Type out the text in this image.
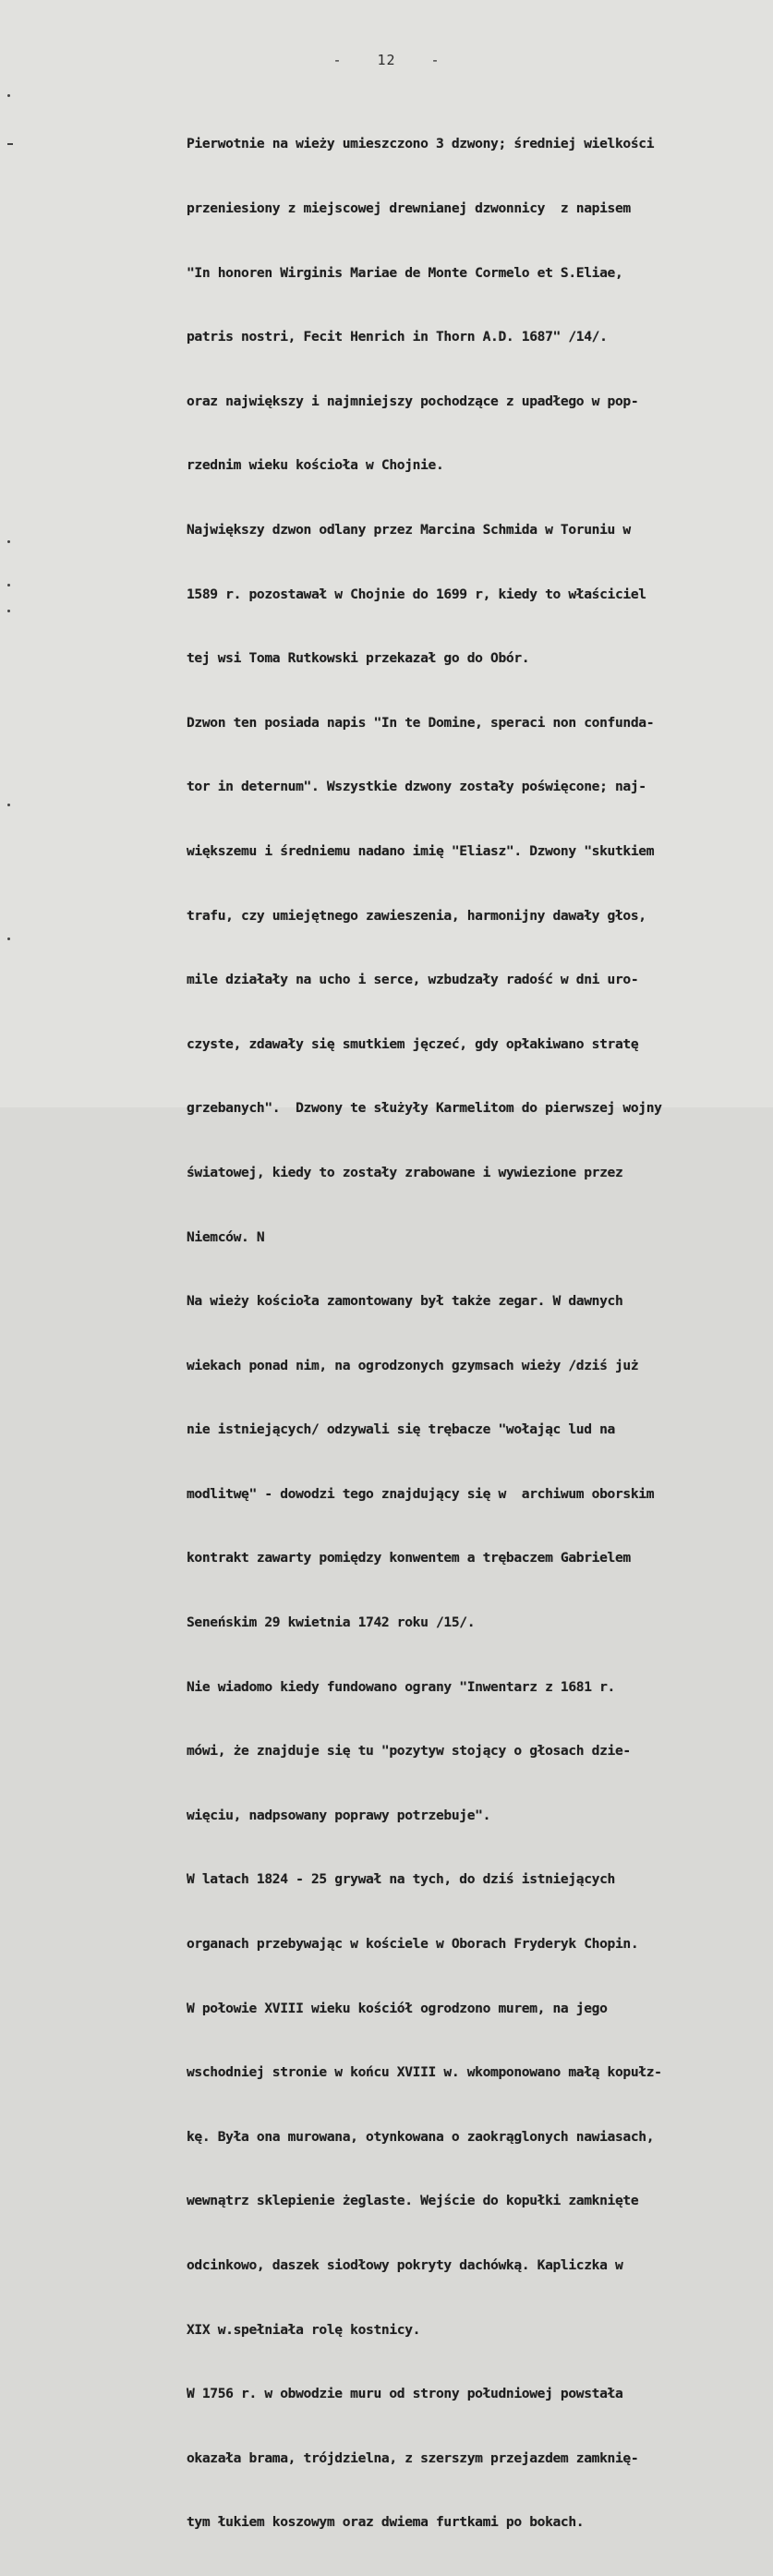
-	12	-

Pierwotnie na wieży umieszczono 3 dzwony; średniej wielkości

przeniesiony z miejscowej drewnianej dzwonnicy  z napisem

"In honoren Wirginis Mariae de Monte Cormelo et S.Eliae,

patris nostri, Fecit Henrich in Thorn A.D. 1687" /14/.

oraz największy i najmniejszy pochodzące z upadłego w pop-

rzednim wieku kościoła w Chojnie.

Największy dzwon odlany przez Marcina Schmida w Toruniu w

1589 r. pozostawał w Chojnie do 1699 r, kiedy to właściciel

tej wsi Toma Rutkowski przekazał go do Obór.

Dzwon ten posiada napis "In te Domine, speraci non confunda-

tor in deternum". Wszystkie dzwony zostały poświęcone; naj-

większemu i średniemu nadano imię "Eliasz". Dzwony "skutkiem

trafu, czy umiejętnego zawieszenia, harmonijny dawały głos,

mile działały na ucho i serce, wzbudzały radość w dni uro-

czyste, zdawały się smutkiem jęczeć, gdy opłakiwano stratę

grzebanych".  Dzwony te służyły Karmelitom do pierwszej wojny

światowej, kiedy to zostały zrabowane i wywiezione przez

Niemców. N

Na wieży kościoła zamontowany był także zegar. W dawnych

wiekach ponad nim, na ogrodzonych gzymsach wieży /dziś już

nie istniejących/ odzywali się trębacze "wołając lud na

modlitwę" - dowodzi tego znajdujący się w  archiwum oborskim

kontrakt zawarty pomiędzy konwentem a trębaczem Gabrielem

Seneńskim 29 kwietnia 1742 roku /15/.

Nie wiadomo kiedy fundowano ograny "Inwentarz z 1681 r.

mówi, że znajduje się tu "pozytyw stojący o głosach dzie-

więciu, nadpsowany poprawy potrzebuje".

W latach 1824 - 25 grywał na tych, do dziś istniejących

organach przebywając w kościele w Oborach Fryderyk Chopin.

W połowie XVIII wieku kościół ogrodzono murem, na jego

wschodniej stronie w końcu XVIII w. wkomponowano małą kopułz-

kę. Była ona murowana, otynkowana o zaokrąglonych nawiasach,

wewnątrz sklepienie żeglaste. Wejście do kopułki zamknięte

odcinkowo, daszek siodłowy pokryty dachówką. Kapliczka w

XIX w.spełniała rolę kostnicy.

W 1756 r. w obwodzie muru od strony południowej powstała

okazała brama, trójdzielna, z szerszym przejazdem zamknię-

tym łukiem koszowym oraz dwiema furtkami po bokach.
